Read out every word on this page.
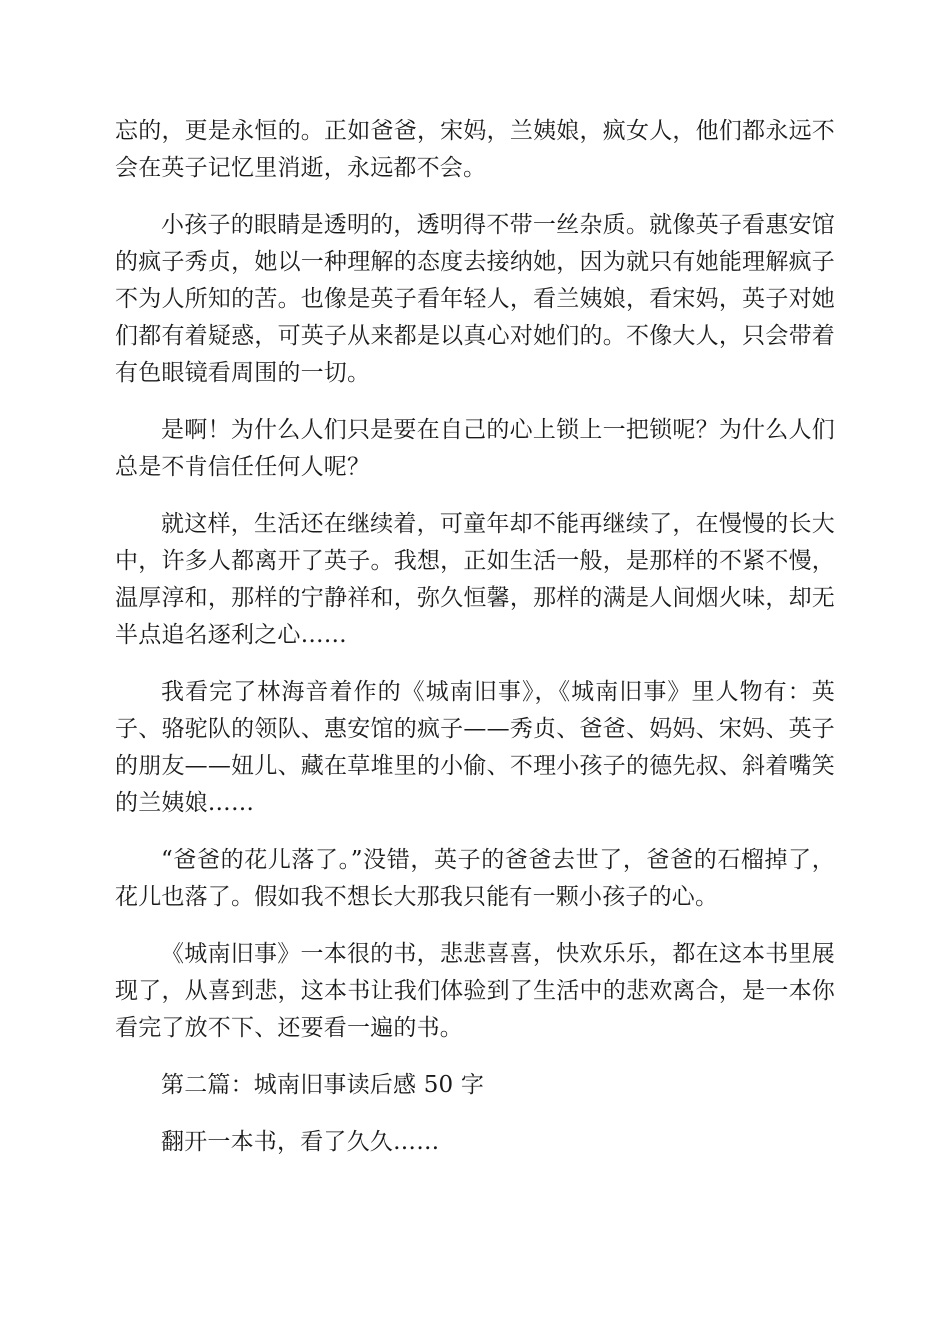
忘的，更是永恒的。正如爸爸，宋妈，兰姨娘，疯女人，他们都永远不会在英子记忆里消逝，永远都不会。

小孩子的眼睛是透明的，透明得不带一丝杂质。就像英子看惠安馆的疯子秀贞，她以一种理解的态度去接纳她，因为就只有她能理解疯子不为人所知的苦。也像是英子看年轻人，看兰姨娘，看宋妈，英子对她们都有着疑惑，可英子从来都是以真心对她们的。不像大人，只会带着有色眼镜看周围的一切。

是啊！为什么人们只是要在自己的心上锁上一把锁呢？为什么人们总是不肯信任任何人呢？

就这样，生活还在继续着，可童年却不能再继续了，在慢慢的长大中，许多人都离开了英子。我想，正如生活一般，是那样的不紧不慢，温厚淳和，那样的宁静祥和，弥久恒馨，那样的满是人间烟火味，却无半点追名逐利之心……

我看完了林海音着作的《城南旧事》，《城南旧事》里人物有：英子、骆驼队的领队、惠安馆的疯子——秀贞、爸爸、妈妈、宋妈、英子的朋友——妞儿、藏在草堆里的小偷、不理小孩子的德先叔、斜着嘴笑的兰姨娘……

“爸爸的花儿落了。”没错，英子的爸爸去世了，爸爸的石榴掉了，花儿也落了。假如我不想长大那我只能有一颗小孩子的心。

《城南旧事》一本很的书，悲悲喜喜，快欢乐乐，都在这本书里展现了，从喜到悲，这本书让我们体验到了生活中的悲欢离合，是一本你看完了放不下、还要看一遍的书。

第二篇：城南旧事读后感 50 字

翻开一本书，看了久久……
